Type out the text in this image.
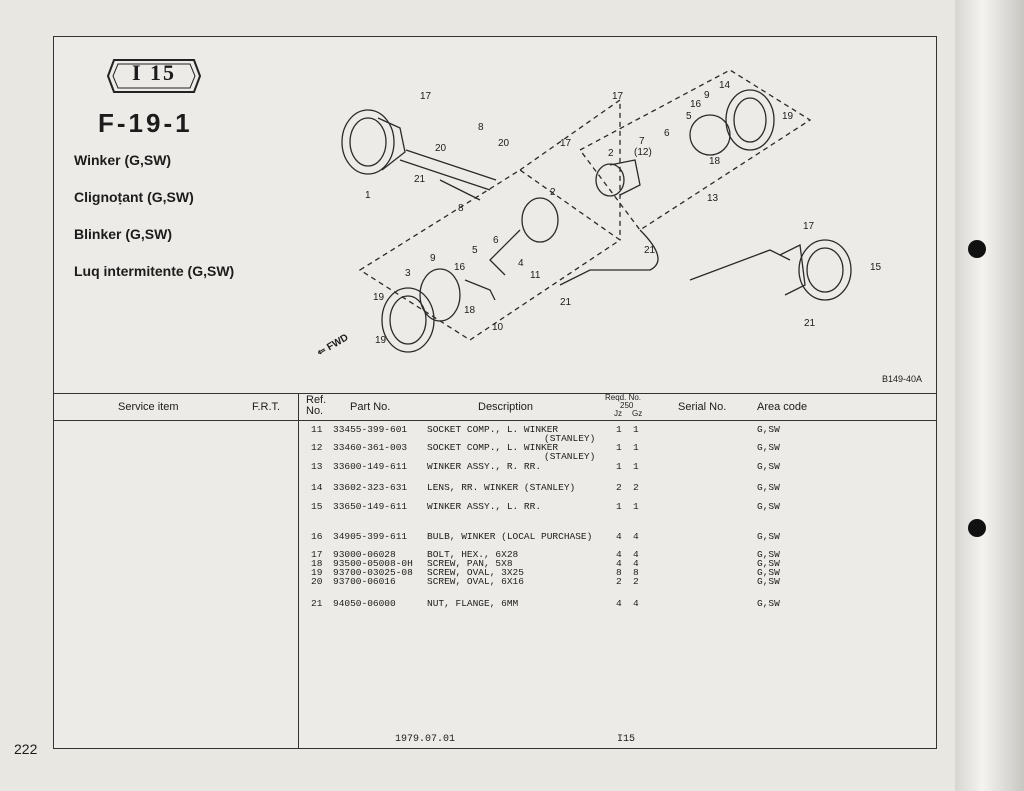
I 15
F-19-1
Winker (G,SW)
Clignoṭant (G,SW)
Blinker (G,SW)
Luq intermitente (G,SW)
17	17
17
8
20
20
21
1
8
2
3
9
16
5
6
4
11
18
10
19
19
21
14
9
16
19
5
18
13
7
(12)
6
2
21
17
15
21
⇐ FWD
B149-40A
Service item	F.R.T.
Ref. No.	Part No.	Description
Reqd. No.
250
Jz Gz
Serial No.	Area code
11 33455-399-601 SOCKET COMP., L. WINKER
(STANLEY)
1 1	G,SW
12 33460-361-003 SOCKET COMP., L. WINKER
(STANLEY)
1 1	G,SW
13 33600-149-611 WINKER ASSY., R. RR.	1 1	G,SW
14 33602-323-631 LENS, RR. WINKER (STANLEY)	2 2	G,SW
15 33650-149-611 WINKER ASSY., L. RR.	1 1	G,SW
16 34905-399-611 BULB, WINKER (LOCAL PURCHASE) 4 4	G,SW
17 93000-06028	BOLT, HEX., 6X28	4 4	G,SW
18 93500-05008-0H SCREW, PAN, 5X8	4 4	G,SW
19 93700-03025-08 SCREW, OVAL, 3X25	8 8	G,SW
20 93700-06016	SCREW, OVAL, 6X16	2 2	G,SW
21 94050-06000	NUT, FLANGE, 6MM	4 4	G,SW
1979.07.01	I15
222
